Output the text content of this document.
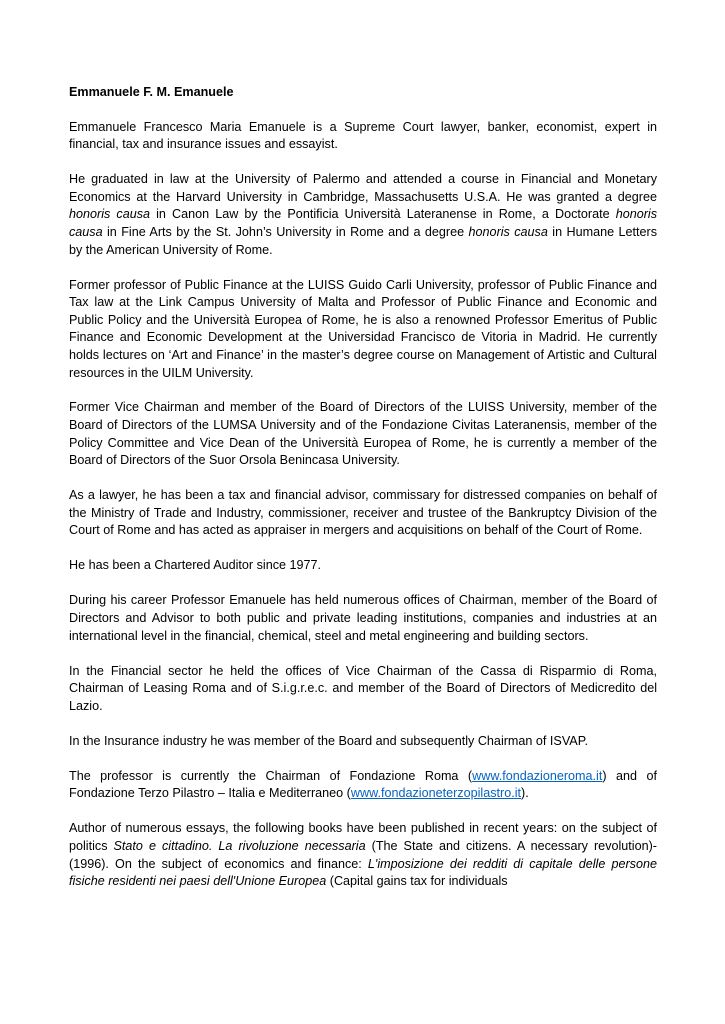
Emmanuele F. M. Emanuele

Emmanuele Francesco Maria Emanuele is a Supreme Court lawyer, banker, economist, expert in financial, tax and insurance issues and essayist.

He graduated in law at the University of Palermo and attended a course in Financial and Monetary Economics at the Harvard University in Cambridge, Massachusetts U.S.A. He was granted a degree honoris causa in Canon Law by the Pontificia Università Lateranense in Rome, a Doctorate honoris causa in Fine Arts by the St. John’s University in Rome and a degree honoris causa in Humane Letters by the American University of Rome.

Former professor of Public Finance at the LUISS Guido Carli University, professor of Public Finance and Tax law at the Link Campus University of Malta and Professor of Public Finance and Economic and Public Policy and the Università Europea of Rome, he is also a renowned Professor Emeritus of Public Finance and Economic Development at the Universidad Francisco de Vitoria in Madrid. He currently holds lectures on ‘Art and Finance’ in the master’s degree course on Management of Artistic and Cultural resources in the UILM University.

Former Vice Chairman and member of the Board of Directors of the LUISS University, member of the Board of Directors of the LUMSA University and of the Fondazione Civitas Lateranensis, member of the Policy Committee and Vice Dean of the Università Europea of Rome, he is currently a member of the Board of Directors of the Suor Orsola Benincasa University.

As a lawyer, he has been a tax and financial advisor, commissary for distressed companies on behalf of the Ministry of Trade and Industry, commissioner, receiver and trustee of the Bankruptcy Division of the Court of Rome and has acted as appraiser in mergers and acquisitions on behalf of the Court of Rome.

He has been a Chartered Auditor since 1977.

During his career Professor Emanuele has held numerous offices of Chairman, member of the Board of Directors and Advisor to both public and private leading institutions, companies and industries at an international level in the financial, chemical, steel and metal engineering and building sectors.

In the Financial sector he held the offices of Vice Chairman of the Cassa di Risparmio di Roma, Chairman of Leasing Roma and of S.i.g.r.e.c. and member of the Board of Directors of Medicredito del Lazio.

In the Insurance industry he was member of the Board and subsequently Chairman of ISVAP.

The professor is currently the Chairman of Fondazione Roma (www.fondazioneroma.it) and of Fondazione Terzo Pilastro – Italia e Mediterraneo (www.fondazioneterzopilastro.it).

Author of numerous essays, the following books have been published in recent years: on the subject of politics Stato e cittadino. La rivoluzione necessaria (The State and citizens. A necessary revolution)- (1996). On the subject of economics and finance: L'imposizione dei redditi di capitale delle persone fisiche residenti nei paesi dell'Unione Europea (Capital gains tax for individuals
